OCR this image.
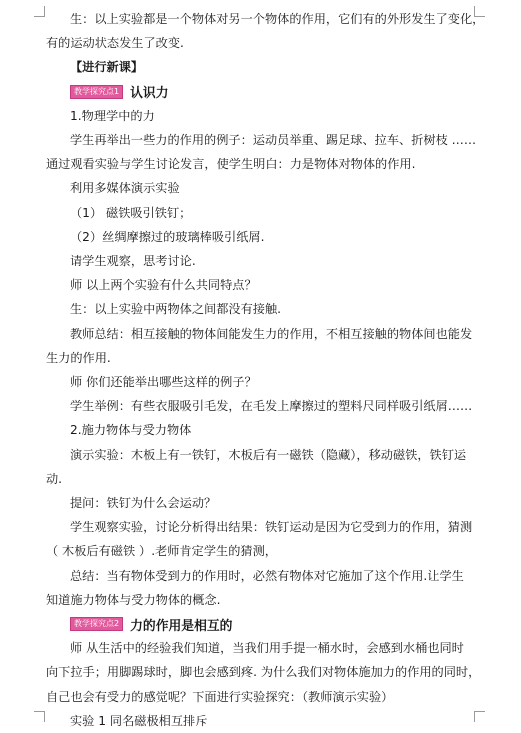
生：以上实验都是一个物体对另一个物体的作用，它们有的外形发生了变化，

有的运动状态发生了改变.

【进行新课】

教学探究点1 认识力

1.物理学中的力

学生再举出一些力的作用的例子：运动员举重、踢足球、拉车、折树枝 ……

通过观看实验与学生讨论发言，使学生明白：力是物体对物体的作用.

利用多媒体演示实验

（1） 磁铁吸引铁钉；

（2）丝绸摩擦过的玻璃棒吸引纸屑.

请学生观察，思考讨论.

师 以上两个实验有什么共同特点？

生：以上实验中两物体之间都没有接触.

教师总结：相互接触的物体间能发生力的作用，不相互接触的物体间也能发

生力的作用.

师 你们还能举出哪些这样的例子？

学生举例：有些衣服吸引毛发，在毛发上摩擦过的塑料尺同样吸引纸屑……

2.施力物体与受力物体

演示实验：木板上有一铁钉，木板后有一磁铁（隐藏），移动磁铁，铁钉运

动.

提问：铁钉为什么会运动？

学生观察实验，讨论分析得出结果：铁钉运动是因为它受到力的作用，猜测

（ 木板后有磁铁 ）.老师肯定学生的猜测，

总结：当有物体受到力的作用时，必然有物体对它施加了这个作用.让学生

知道施力物体与受力物体的概念.

教学探究点2 力的作用是相互的

师 从生活中的经验我们知道，当我们用手提一桶水时，会感到水桶也同时

向下拉手；用脚踢球时，脚也会感到疼. 为什么我们对物体施加力的作用的同时，

自己也会有受力的感觉呢？下面进行实验探究：（教师演示实验）

实验 1 同名磁极相互排斥
